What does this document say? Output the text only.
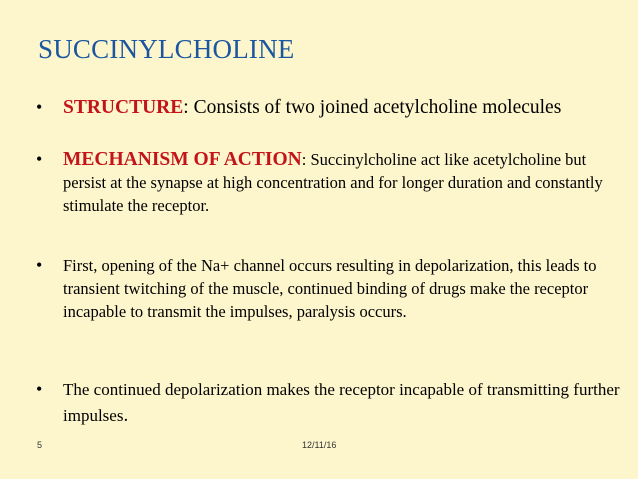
SUCCINYLCHOLINE
• STRUCTURE: Consists of two joined acetylcholine molecules
• MECHANISM OF ACTION: Succinylcholine act like acetylcholine but persist at the synapse at high concentration and for longer duration and constantly stimulate the receptor.
• First, opening of the Na+ channel occurs resulting in depolarization, this leads to transient twitching of the muscle, continued binding of drugs make the receptor incapable to transmit the impulses, paralysis occurs.
• The continued depolarization makes the receptor incapable of transmitting further impulses.
5	12/11/16
